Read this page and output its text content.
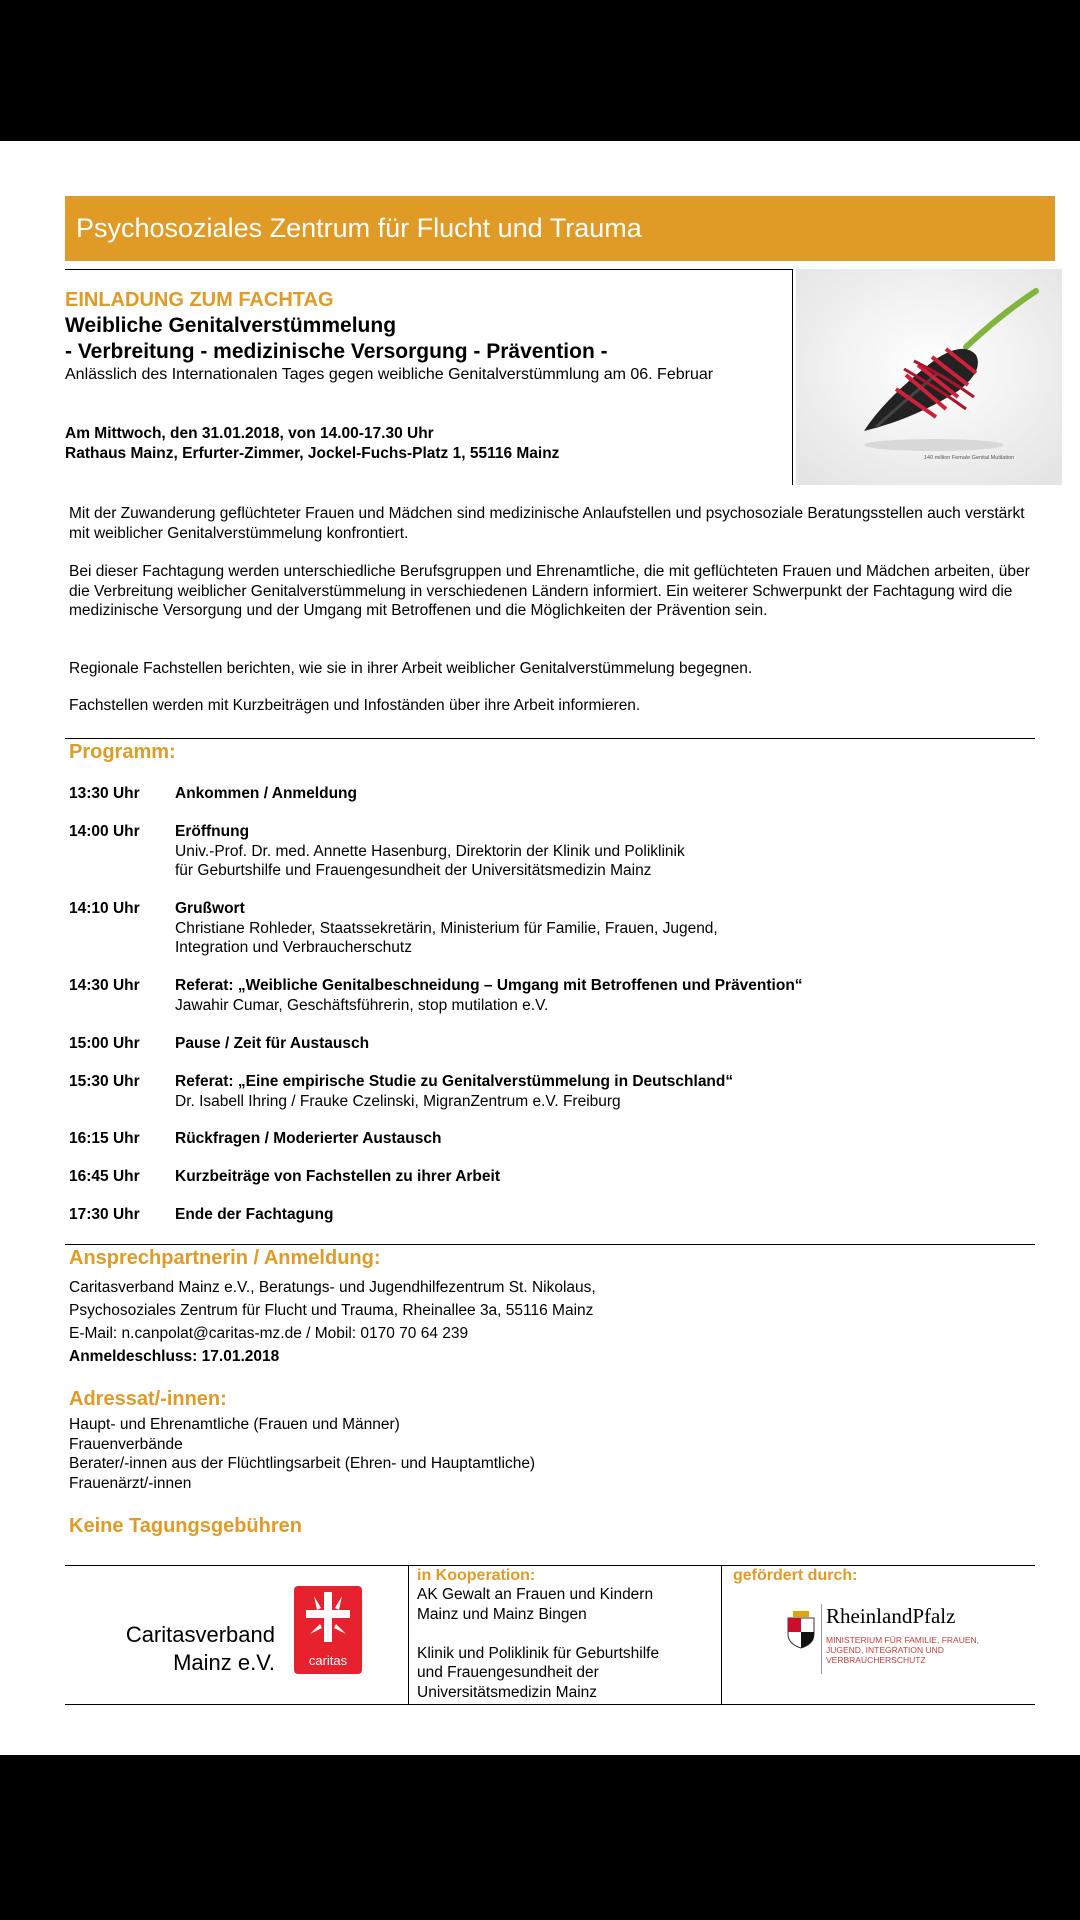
Psychosoziales Zentrum für Flucht und Trauma
EINLADUNG ZUM FACHTAG
Weibliche Genitalverstümmelung
- Verbreitung - medizinische Versorgung - Prävention -
Anlässlich des Internationalen Tages gegen weibliche Genitalverstümmlung am 06. Februar
Am Mittwoch, den 31.01.2018, von 14.00-17.30 Uhr
Rathaus Mainz, Erfurter-Zimmer, Jockel-Fuchs-Platz 1, 55116 Mainz	140 million Female Genital Mutilation

Mit der Zuwanderung geflüchteter Frauen und Mädchen sind medizinische Anlaufstellen und psychosoziale Beratungsstellen auch verstärkt mit weiblicher Genitalverstümmelung konfrontiert.

Bei dieser Fachtagung werden unterschiedliche Berufsgruppen und Ehrenamtliche, die mit geflüchteten Frauen und Mädchen arbeiten, über die Verbreitung weiblicher Genitalverstümmelung in verschiedenen Ländern informiert. Ein weiterer Schwerpunkt der Fachtagung wird die medizinische Versorgung und der Umgang mit Betroffenen und die Möglichkeiten der Prävention sein.

Regionale Fachstellen berichten, wie sie in ihrer Arbeit weiblicher Genitalverstümmelung begegnen.

Fachstellen werden mit Kurzbeiträgen und Infoständen über ihre Arbeit informieren.

Programm:
13:30 Uhr Ankommen / Anmeldung
14:00 Uhr Eröffnung
Univ.-Prof. Dr. med. Annette Hasenburg, Direktorin der Klinik und Poliklinik
für Geburtshilfe und Frauengesundheit der Universitätsmedizin Mainz
14:10 Uhr Grußwort
Christiane Rohleder, Staatssekretärin, Ministerium für Familie, Frauen, Jugend,
Integration und Verbraucherschutz
14:30 Uhr Referat: „Weibliche Genitalbeschneidung – Umgang mit Betroffenen und Prävention“
Jawahir Cumar, Geschäftsführerin, stop mutilation e.V.
15:00 Uhr Pause / Zeit für Austausch
15:30 Uhr Referat: „Eine empirische Studie zu Genitalverstümmelung in Deutschland“
Dr. Isabell Ihring / Frauke Czelinski, MigranZentrum e.V. Freiburg
16:15 Uhr Rückfragen / Moderierter Austausch
16:45 Uhr Kurzbeiträge von Fachstellen zu ihrer Arbeit
17:30 Uhr Ende der Fachtagung
Ansprechpartnerin / Anmeldung:
Caritasverband Mainz e.V., Beratungs- und Jugendhilfezentrum St. Nikolaus,
Psychosoziales Zentrum für Flucht und Trauma, Rheinallee 3a, 55116 Mainz
E-Mail: n.canpolat@caritas-mz.de / Mobil: 0170 70 64 239
Anmeldeschluss: 17.01.2018
Adressat/-innen:
Haupt- und Ehrenamtliche (Frauen und Männer)
Frauenverbände
Berater/-innen aus der Flüchtlingsarbeit (Ehren- und Hauptamtliche)
Frauenärzt/-innen
Keine Tagungsgebühren
Caritasverband
Mainz e.V.	caritas
in Kooperation:
AK Gewalt an Frauen und Kindern
Mainz und Mainz Bingen
Klinik und Poliklinik für Geburtshilfe
und Frauengesundheit der
Universitätsmedizin Mainz
gefördert durch:
RheinlandPfalz
MINISTERIUM FÜR FAMILIE, FRAUEN, JUGEND, INTEGRATION UND VERBRAUCHERSCHUTZ
